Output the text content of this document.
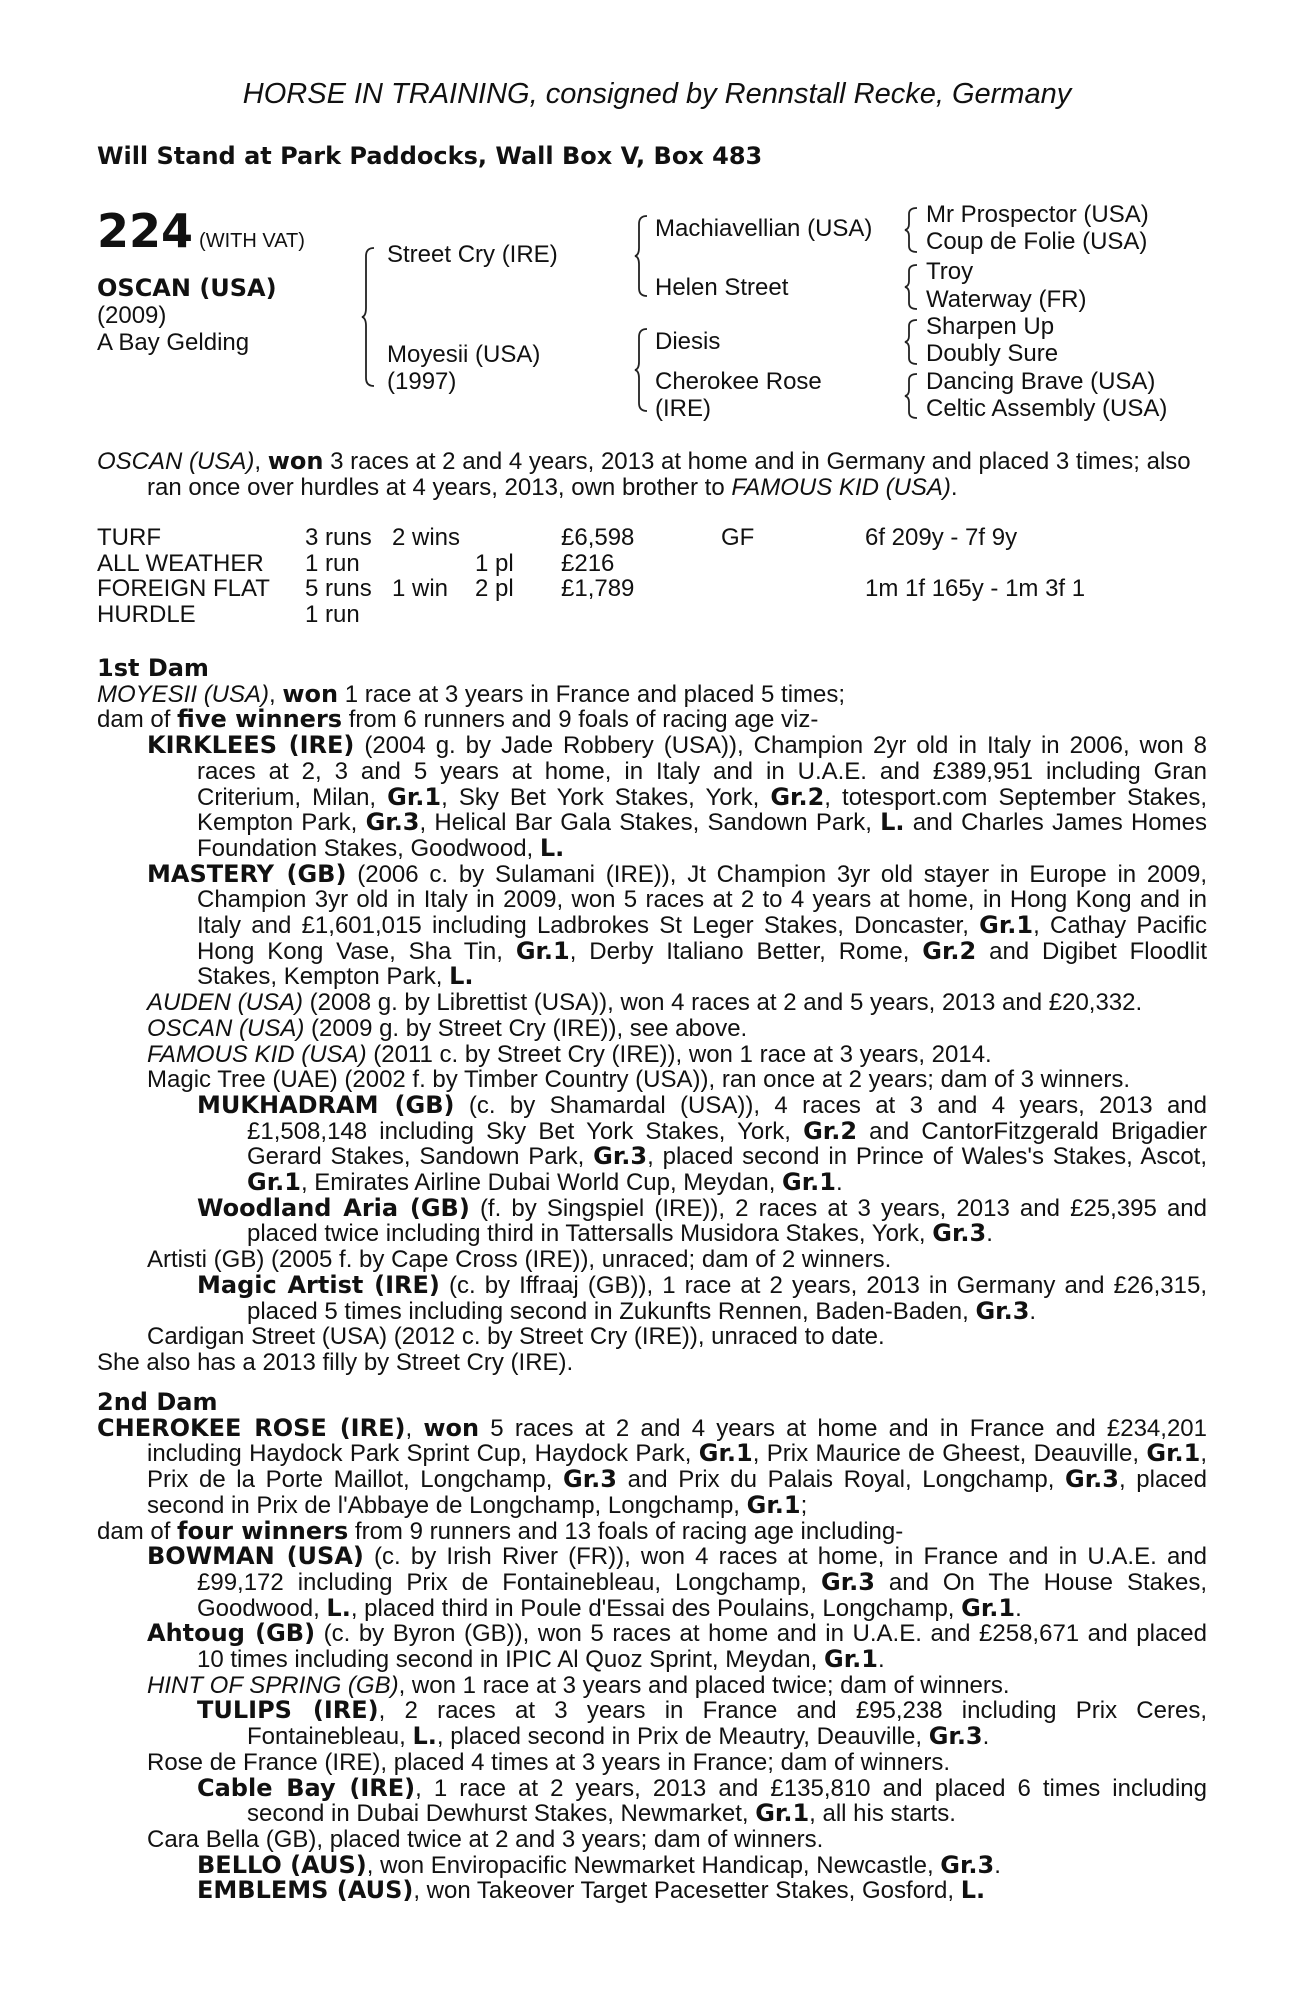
HORSE IN TRAINING, consigned by Rennstall Recke, Germany
Will Stand at Park Paddocks, Wall Box V, Box 483
224 (WITH VAT)
OSCAN (USA)
(2009)
A Bay Gelding
Street Cry (IRE)
Moyesii (USA)
(1997)
Machiavellian (USA)
Helen Street
Diesis
Cherokee Rose
(IRE)
Mr Prospector (USA)
Coup de Folie (USA)
Troy
Waterway (FR)
Sharpen Up
Doubly Sure
Dancing Brave (USA)
Celtic Assembly (USA)

OSCAN (USA), won 3 races at 2 and 4 years, 2013 at home and in Germany and placed 3 times; also ran once over hurdles at 4 years, 2013, own brother to FAMOUS KID (USA).

TURF	3 runs 2 wins	£6,598	GF	6f 209y - 7f 9y
ALL WEATHER 1 run	1 pl £216
FOREIGN FLAT 5 runs 1 win 2 pl £1,789	1m 1f 165y - 1m 3f 1
HURDLE	1 run

1st Dam

MOYESII (USA), won 1 race at 3 years in France and placed 5 times;

dam of five winners from 6 runners and 9 foals of racing age viz-

KIRKLEES (IRE) (2004 g. by Jade Robbery (USA)), Champion 2yr old in Italy in 2006, won 8 races at 2, 3 and 5 years at home, in Italy and in U.A.E. and £389,951 including Gran Criterium, Milan, Gr.1, Sky Bet York Stakes, York, Gr.2, totesport.com September Stakes, Kempton Park, Gr.3, Helical Bar Gala Stakes, Sandown Park, L. and Charles James Homes Foundation Stakes, Goodwood, L.

MASTERY (GB) (2006 c. by Sulamani (IRE)), Jt Champion 3yr old stayer in Europe in 2009, Champion 3yr old in Italy in 2009, won 5 races at 2 to 4 years at home, in Hong Kong and in Italy and £1,601,015 including Ladbrokes St Leger Stakes, Doncaster, Gr.1, Cathay Pacific Hong Kong Vase, Sha Tin, Gr.1, Derby Italiano Better, Rome, Gr.2 and Digibet Floodlit Stakes, Kempton Park, L.

AUDEN (USA) (2008 g. by Librettist (USA)), won 4 races at 2 and 5 years, 2013 and £20,332.

OSCAN (USA) (2009 g. by Street Cry (IRE)), see above.

FAMOUS KID (USA) (2011 c. by Street Cry (IRE)), won 1 race at 3 years, 2014.

Magic Tree (UAE) (2002 f. by Timber Country (USA)), ran once at 2 years; dam of 3 winners.

MUKHADRAM (GB) (c. by Shamardal (USA)), 4 races at 3 and 4 years, 2013 and £1,508,148 including Sky Bet York Stakes, York, Gr.2 and CantorFitzgerald Brigadier Gerard Stakes, Sandown Park, Gr.3, placed second in Prince of Wales's Stakes, Ascot, Gr.1, Emirates Airline Dubai World Cup, Meydan, Gr.1.

Woodland Aria (GB) (f. by Singspiel (IRE)), 2 races at 3 years, 2013 and £25,395 and placed twice including third in Tattersalls Musidora Stakes, York, Gr.3.

Artisti (GB) (2005 f. by Cape Cross (IRE)), unraced; dam of 2 winners.

Magic Artist (IRE) (c. by Iffraaj (GB)), 1 race at 2 years, 2013 in Germany and £26,315, placed 5 times including second in Zukunfts Rennen, Baden-Baden, Gr.3.

Cardigan Street (USA) (2012 c. by Street Cry (IRE)), unraced to date.

She also has a 2013 filly by Street Cry (IRE).

2nd Dam

CHEROKEE ROSE (IRE), won 5 races at 2 and 4 years at home and in France and £234,201 including Haydock Park Sprint Cup, Haydock Park, Gr.1, Prix Maurice de Gheest, Deauville, Gr.1, Prix de la Porte Maillot, Longchamp, Gr.3 and Prix du Palais Royal, Longchamp, Gr.3, placed second in Prix de l'Abbaye de Longchamp, Longchamp, Gr.1;

dam of four winners from 9 runners and 13 foals of racing age including-

BOWMAN (USA) (c. by Irish River (FR)), won 4 races at home, in France and in U.A.E. and £99,172 including Prix de Fontainebleau, Longchamp, Gr.3 and On The House Stakes, Goodwood, L., placed third in Poule d'Essai des Poulains, Longchamp, Gr.1.

Ahtoug (GB) (c. by Byron (GB)), won 5 races at home and in U.A.E. and £258,671 and placed 10 times including second in IPIC Al Quoz Sprint, Meydan, Gr.1.

HINT OF SPRING (GB), won 1 race at 3 years and placed twice; dam of winners.

TULIPS (IRE), 2 races at 3 years in France and £95,238 including Prix Ceres, Fontainebleau, L., placed second in Prix de Meautry, Deauville, Gr.3.

Rose de France (IRE), placed 4 times at 3 years in France; dam of winners.

Cable Bay (IRE), 1 race at 2 years, 2013 and £135,810 and placed 6 times including second in Dubai Dewhurst Stakes, Newmarket, Gr.1, all his starts.

Cara Bella (GB), placed twice at 2 and 3 years; dam of winners.

BELLO (AUS), won Enviropacific Newmarket Handicap, Newcastle, Gr.3.

EMBLEMS (AUS), won Takeover Target Pacesetter Stakes, Gosford, L.
